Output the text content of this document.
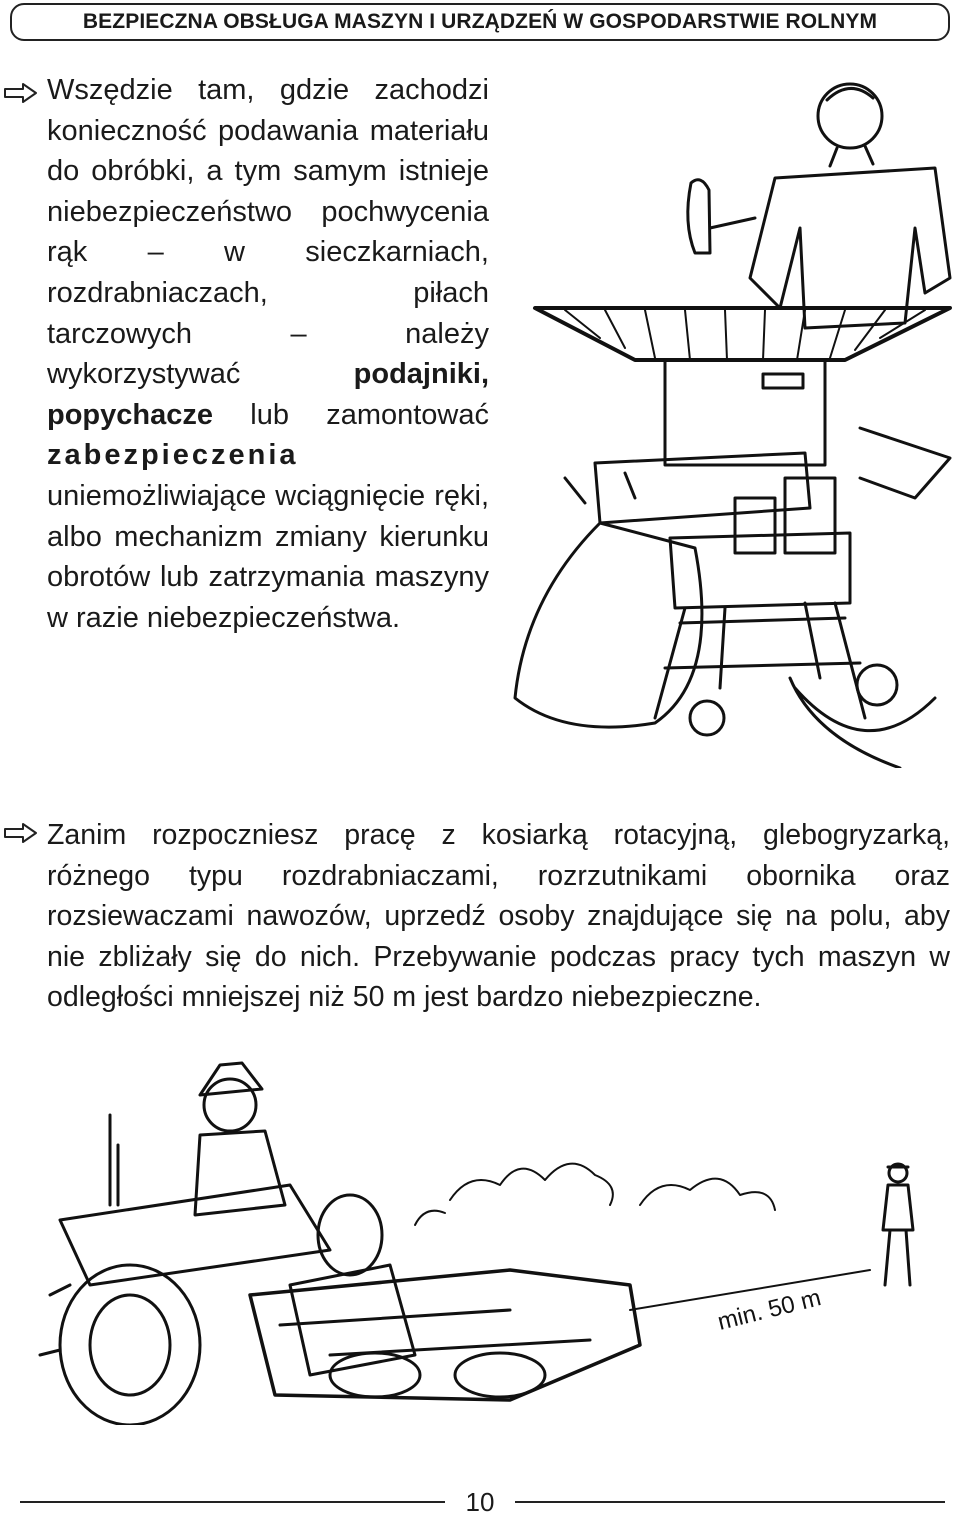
BEZPIECZNA OBSŁUGA MASZYN I URZĄDZEŃ W GOSPODARSTWIE ROLNYM
Wszędzie tam, gdzie zachodzi konieczność podawania materiału do obróbki, a tym samym istnieje niebezpieczeństwo pochwycenia rąk – w sieczkarniach, rozdrabniaczach, piłach tarczowych – należy wykorzystywać podajniki, popychacze lub zamontować zabezpieczenia uniemożliwiające wciągnięcie ręki, albo mechanizm zmiany kierunku obrotów lub zatrzymania maszyny w razie niebezpieczeństwa.
Zanim rozpoczniesz pracę z kosiarką rotacyjną, glebogryzarką, różnego typu rozdrabniaczami, rozrzutnikami obornika oraz rozsiewaczami nawozów, uprzedź osoby znajdujące się na polu, aby nie zbliżały się do nich. Przebywanie podczas pracy tych maszyn w odległości mniejszej niż 50 m jest bardzo niebezpieczne.
min. 50 m
10
